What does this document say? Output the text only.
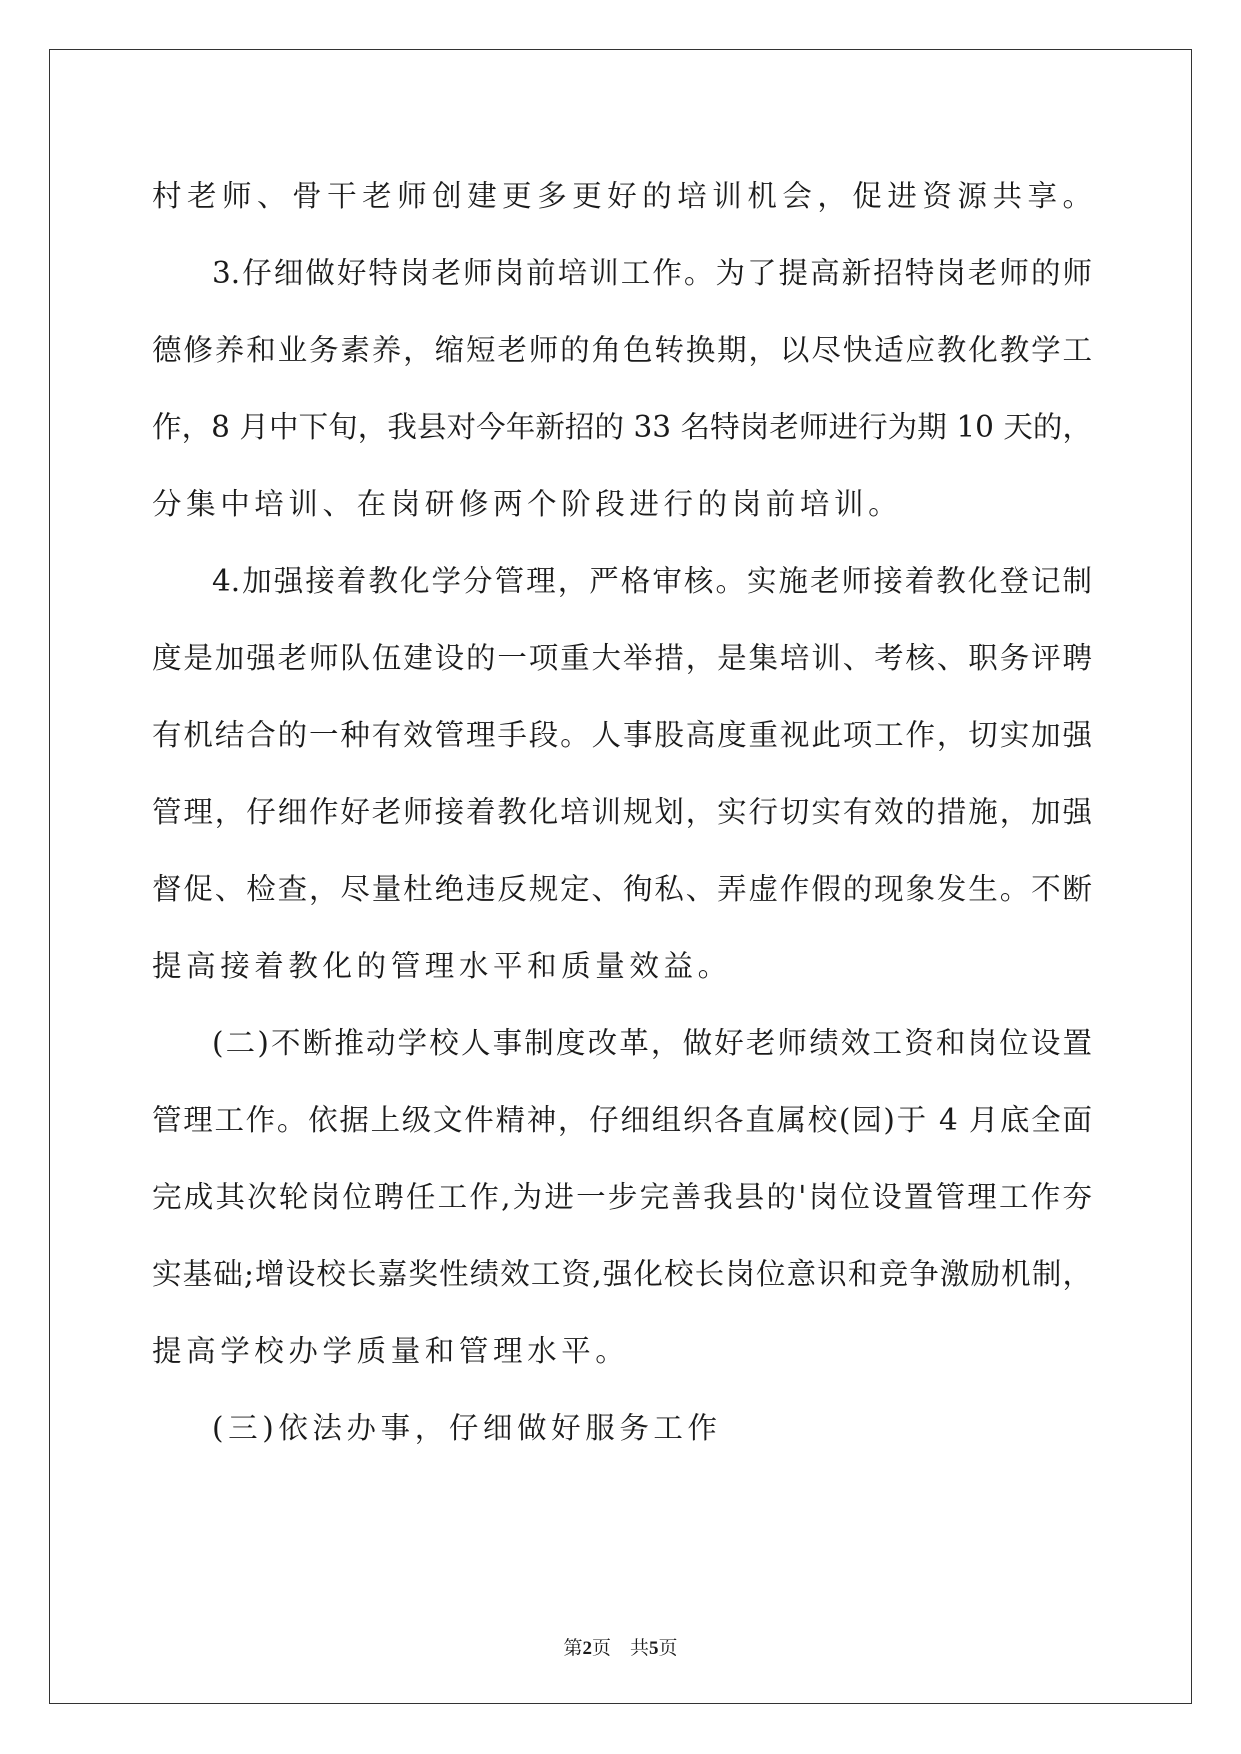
村老师、骨干老师创建更多更好的培训机会，促进资源共享。

3.仔细做好特岗老师岗前培训工作。为了提高新招特岗老师的师

德修养和业务素养，缩短老师的角色转换期，以尽快适应教化教学工

作，8 月中下旬，我县对今年新招的 33 名特岗老师进行为期 10 天的，

分集中培训、在岗研修两个阶段进行的岗前培训。

4.加强接着教化学分管理，严格审核。实施老师接着教化登记制

度是加强老师队伍建设的一项重大举措，是集培训、考核、职务评聘

有机结合的一种有效管理手段。人事股高度重视此项工作，切实加强

管理，仔细作好老师接着教化培训规划，实行切实有效的措施，加强

督促、检查，尽量杜绝违反规定、徇私、弄虚作假的现象发生。不断

提高接着教化的管理水平和质量效益。

(二)不断推动学校人事制度改革，做好老师绩效工资和岗位设置

管理工作。依据上级文件精神，仔细组织各直属校(园)于 4 月底全面

完成其次轮岗位聘任工作,为进一步完善我县的'岗位设置管理工作夯

实基础;增设校长嘉奖性绩效工资,强化校长岗位意识和竞争激励机制，

提高学校办学质量和管理水平。

(三)依法办事，仔细做好服务工作

第2页　共5页
